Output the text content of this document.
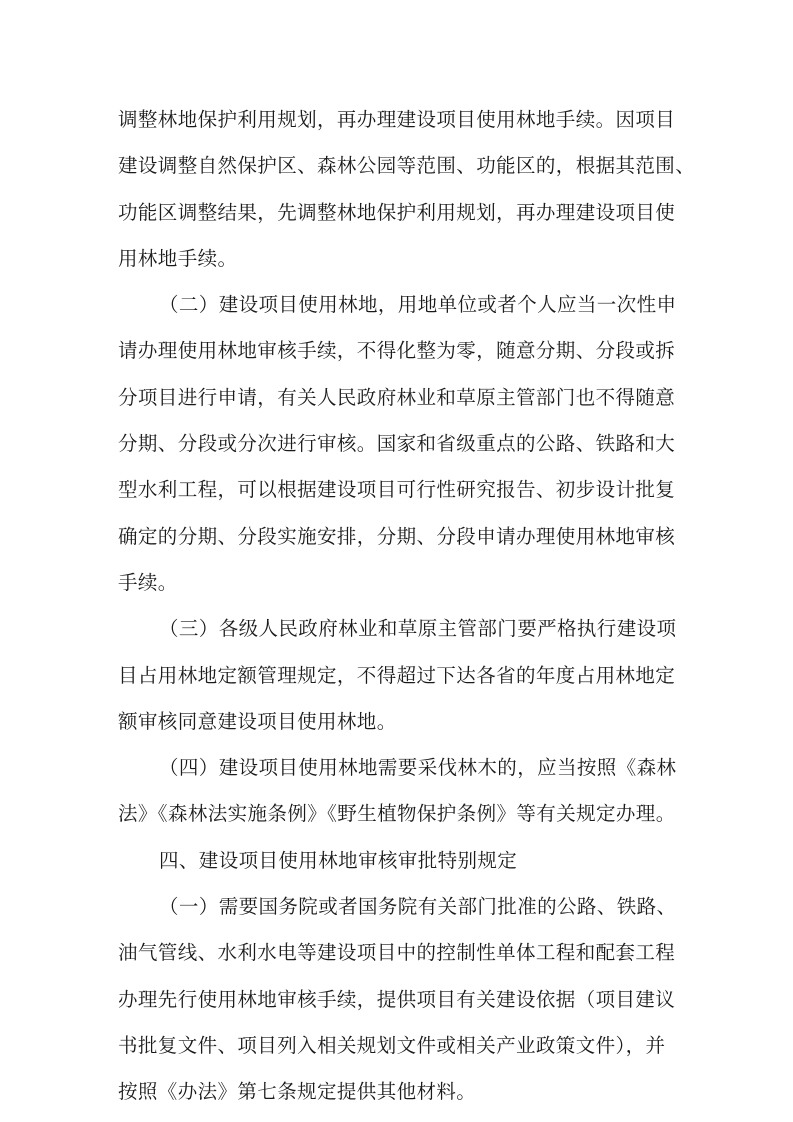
调整林地保护利用规划，再办理建设项目使用林地手续。因项目
建设调整自然保护区、森林公园等范围、功能区的，根据其范围、
功能区调整结果，先调整林地保护利用规划，再办理建设项目使
用林地手续。
（二）建设项目使用林地，用地单位或者个人应当一次性申
请办理使用林地审核手续，不得化整为零，随意分期、分段或拆
分项目进行申请，有关人民政府林业和草原主管部门也不得随意
分期、分段或分次进行审核。国家和省级重点的公路、铁路和大
型水利工程，可以根据建设项目可行性研究报告、初步设计批复
确定的分期、分段实施安排，分期、分段申请办理使用林地审核
手续。
（三）各级人民政府林业和草原主管部门要严格执行建设项
目占用林地定额管理规定，不得超过下达各省的年度占用林地定
额审核同意建设项目使用林地。
（四）建设项目使用林地需要采伐林木的，应当按照《森林
法》《森林法实施条例》《野生植物保护条例》等有关规定办理。
四、建设项目使用林地审核审批特别规定
（一）需要国务院或者国务院有关部门批准的公路、铁路、
油气管线、水利水电等建设项目中的控制性单体工程和配套工程
办理先行使用林地审核手续，提供项目有关建设依据（项目建议
书批复文件、项目列入相关规划文件或相关产业政策文件），并
按照《办法》第七条规定提供其他材料。
